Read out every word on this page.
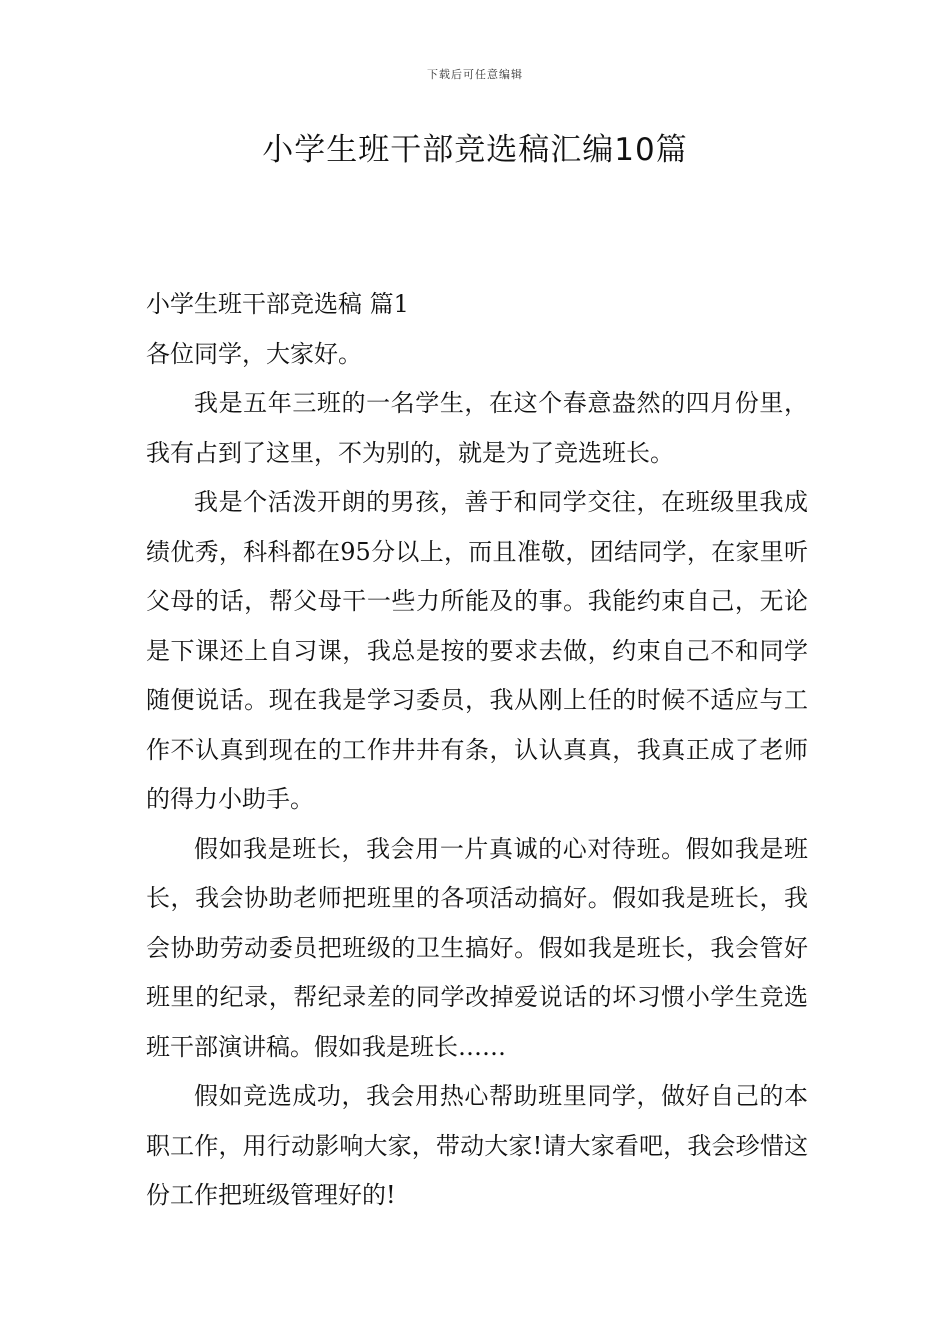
下载后可任意编辑
小学生班干部竞选稿汇编10篇

小学生班干部竞选稿 篇1

各位同学，大家好。

我是五年三班的一名学生，在这个春意盎然的四月份里，我有占到了这里，不为别的，就是为了竞选班长。

我是个活泼开朗的男孩，善于和同学交往，在班级里我成绩优秀，科科都在95分以上，而且准敬，团结同学，在家里听父母的话，帮父母干一些力所能及的事。我能约束自己，无论是下课还上自习课，我总是按的要求去做，约束自己不和同学随便说话。现在我是学习委员，我从刚上任的时候不适应与工作不认真到现在的工作井井有条，认认真真，我真正成了老师的得力小助手。

假如我是班长，我会用一片真诚的心对待班。假如我是班长，我会协助老师把班里的各项活动搞好。假如我是班长，我会协助劳动委员把班级的卫生搞好。假如我是班长，我会管好班里的纪录，帮纪录差的同学改掉爱说话的坏习惯小学生竞选班干部演讲稿。假如我是班长……

假如竞选成功，我会用热心帮助班里同学，做好自己的本职工作，用行动影响大家，带动大家!请大家看吧，我会珍惜这份工作把班级管理好的!
